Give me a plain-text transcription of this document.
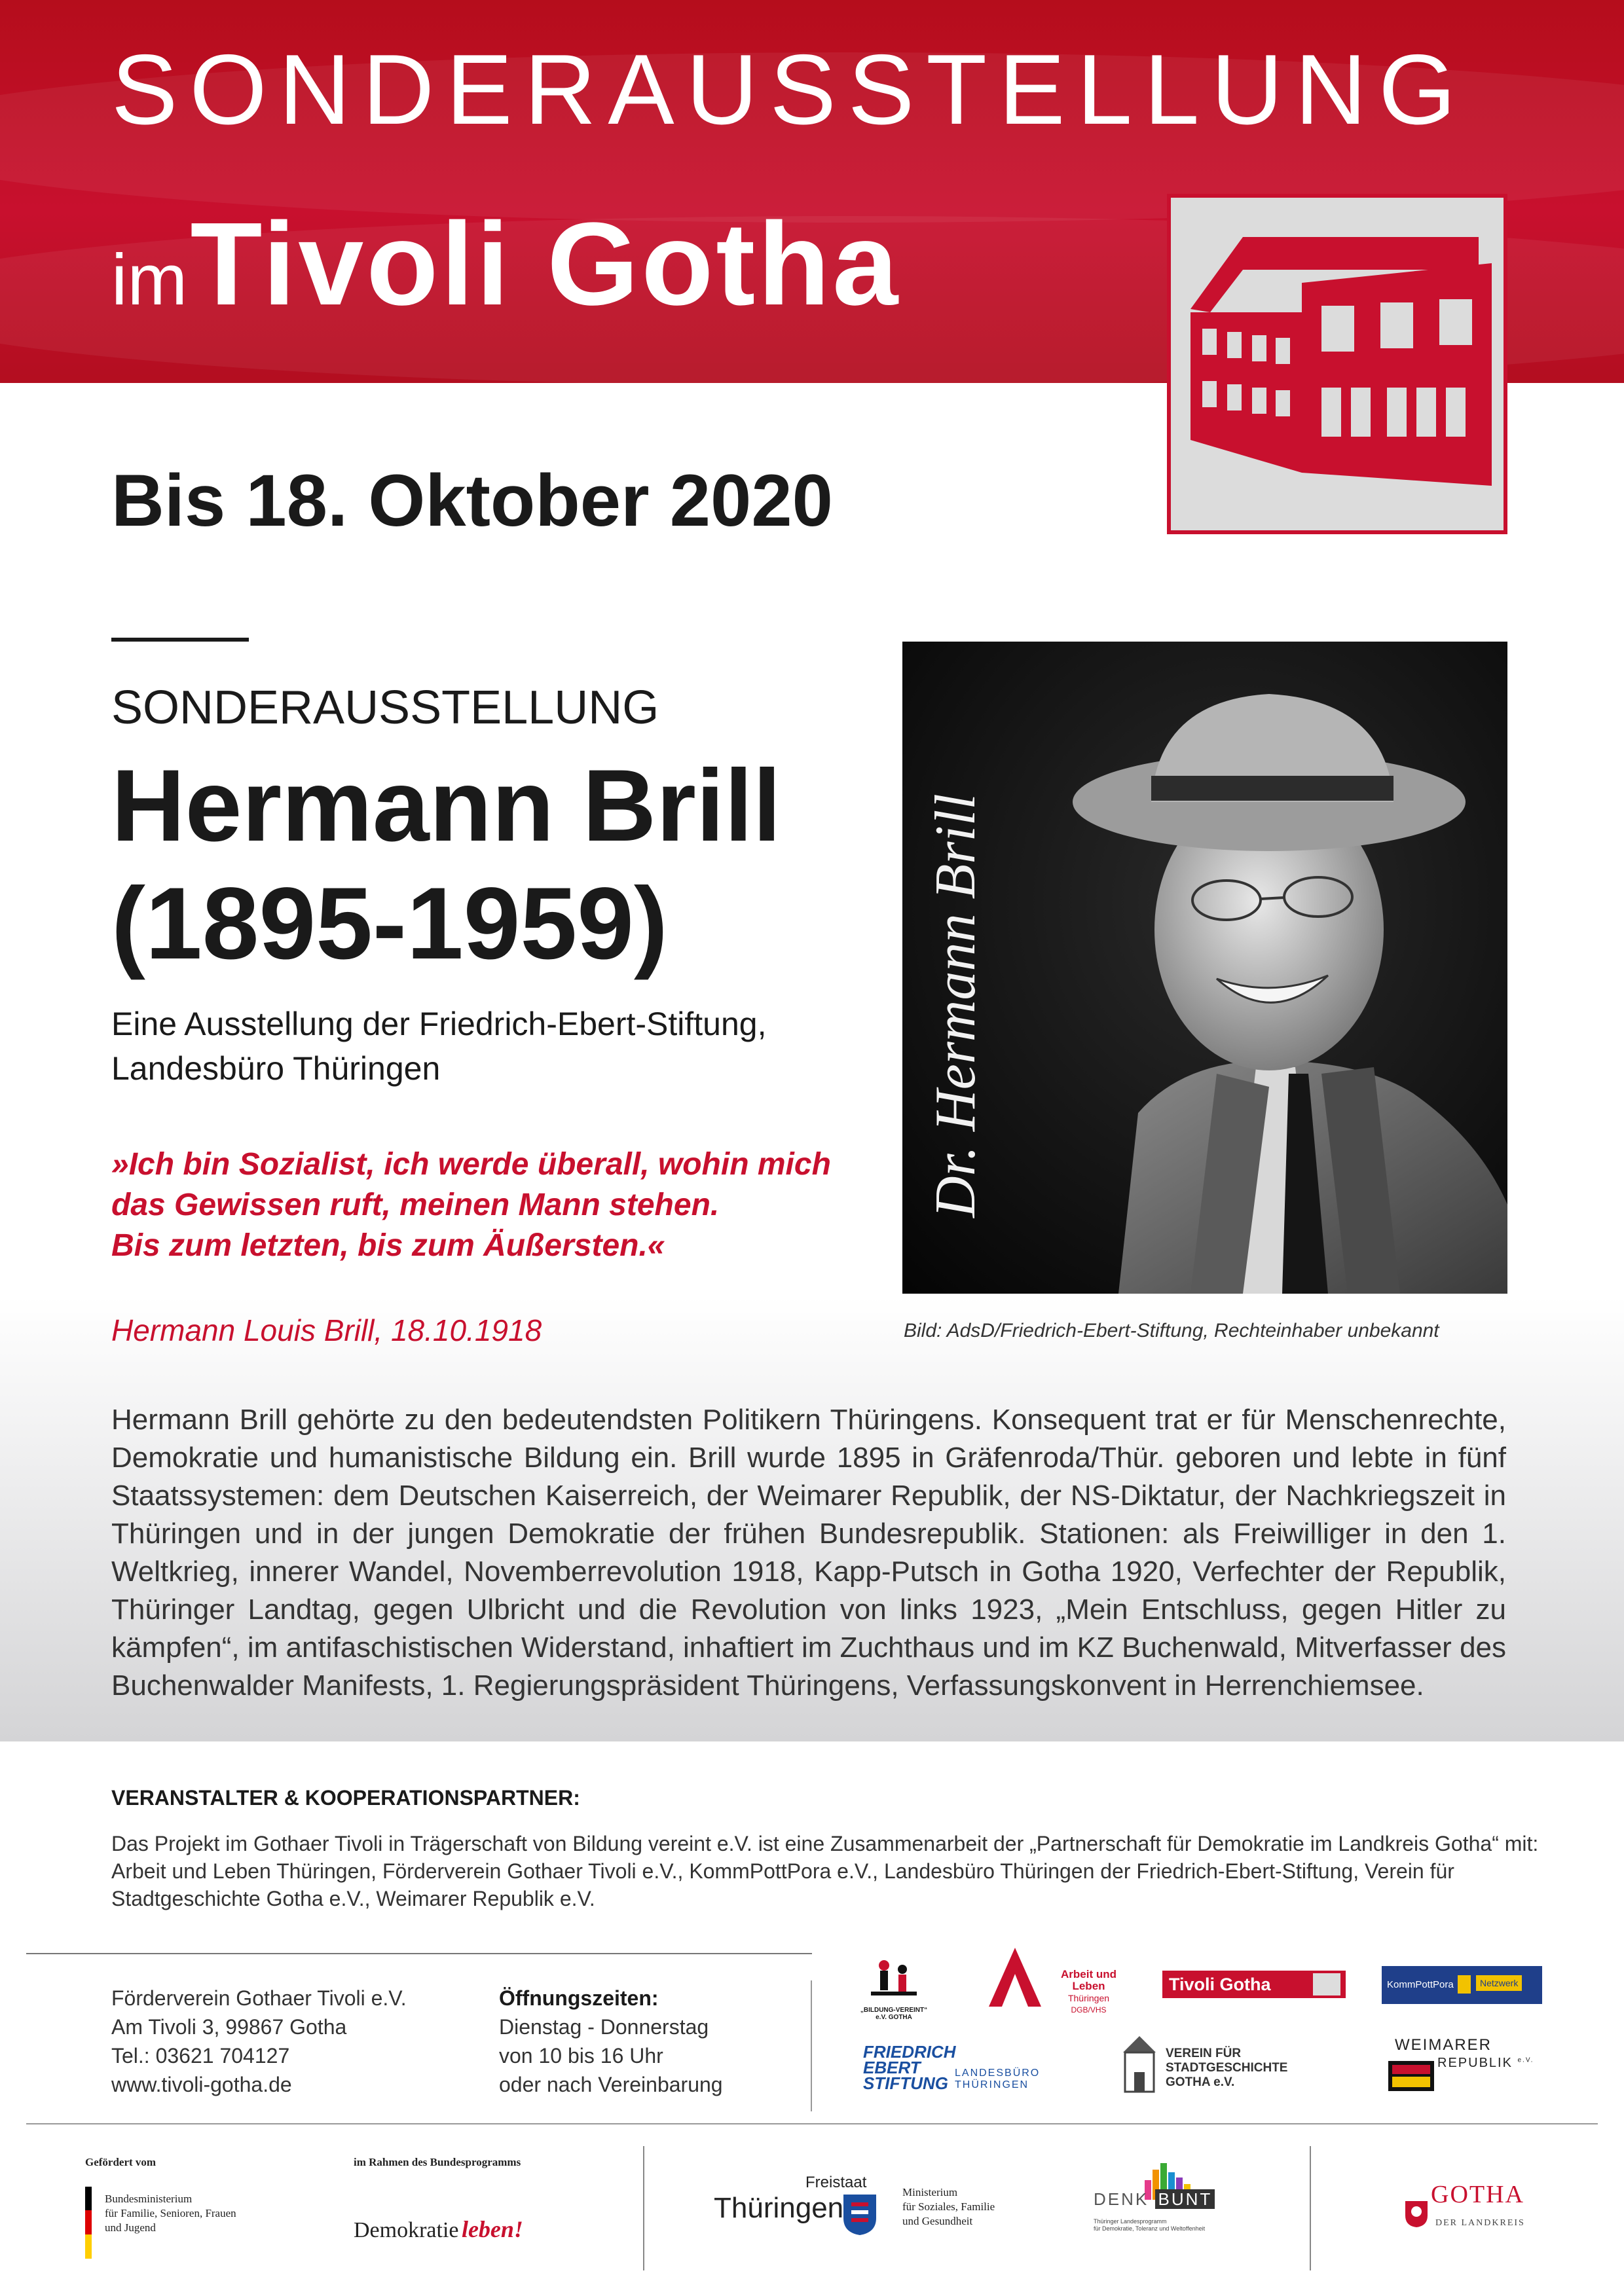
SONDERAUSSTELLUNG
im Tivoli Gotha
Bis 18. Oktober 2020
SONDERAUSSTELLUNG
Hermann Brill
(1895-1959)
Eine Ausstellung der Friedrich-Ebert-Stiftung,
Landesbüro Thüringen
»Ich bin Sozialist, ich werde überall, wohin mich
das Gewissen ruft, meinen Mann stehen.
Bis zum letzten, bis zum Äußersten.«
Hermann Louis Brill, 18.10.1918
Dr. Hermann Brill
Bild: AdsD/Friedrich-Ebert-Stiftung, Rechteinhaber unbekannt
Hermann Brill gehörte zu den bedeutendsten Politikern Thüringens. Konsequent trat er für Menschenrechte, Demokratie und humanistische Bildung ein. Brill wurde 1895 in Gräfenroda/Thür. geboren und lebte in fünf Staatssystemen: dem Deutschen Kaiserreich, der Weimarer Republik, der NS-Diktatur, der Nachkriegszeit in Thüringen und in der jungen Demokratie der frühen Bundesrepublik. Stationen: als Freiwilliger in den 1. Weltkrieg, innerer Wandel, Novemberrevolution 1918, Kapp-Putsch in Gotha 1920, Verfechter der Republik, Thüringer Landtag, gegen Ulbricht und die Revolution von links 1923, „Mein Entschluss, gegen Hitler zu kämpfen“, im antifaschistischen Widerstand, inhaftiert im Zuchthaus und im KZ Buchenwald, Mitverfasser des Buchenwalder Manifests, 1. Regierungspräsident Thüringens, Verfassungskonvent in Herrenchiemsee.
VERANSTALTER & KOOPERATIONSPARTNER:
Das Projekt im Gothaer Tivoli in Trägerschaft von Bildung vereint e.V. ist eine Zusammenarbeit der „Partnerschaft für Demokratie im Landkreis Gotha“ mit: Arbeit und Leben Thüringen, Förderverein Gothaer Tivoli e.V., KommPottPora e.V., Landesbüro Thüringen der Friedrich-Ebert-Stiftung, Verein für Stadtgeschichte Gotha e.V., Weimarer Republik e.V.
Förderverein Gothaer Tivoli e.V.
Am Tivoli 3, 99867 Gotha
Tel.: 03621 704127
www.tivoli-gotha.de
Öffnungszeiten:
Dienstag - Donnerstag
von 10 bis 16 Uhr
oder nach Vereinbarung
„BILDUNG-VEREINT“ e.V. GOTHA
Arbeit und Leben
Thüringen
DGB/VHS
Tivoli Gotha	KommPottPora	Netzwerk
FRIEDRICH
EBERT
STIFTUNG
LANDESBÜRO
THÜRINGEN
VEREIN FÜR
STADTGESCHICHTE
GOTHA e.V.
WEIMARER
REPUBLIK $^{e.V.}$
Gefördert vom
Bundesministerium
für Familie, Senioren, Frauen
und Jugend
im Rahmen des Bundesprogramms
Demokratie leben!
Freistaat
Thüringen	Ministerium
für Soziales, Familie
und Gesundheit
DENK BUNT
Thüringer Landesprogramm
für Demokratie, Toleranz und Weltoffenheit
GOTHA
DER LANDKREIS
